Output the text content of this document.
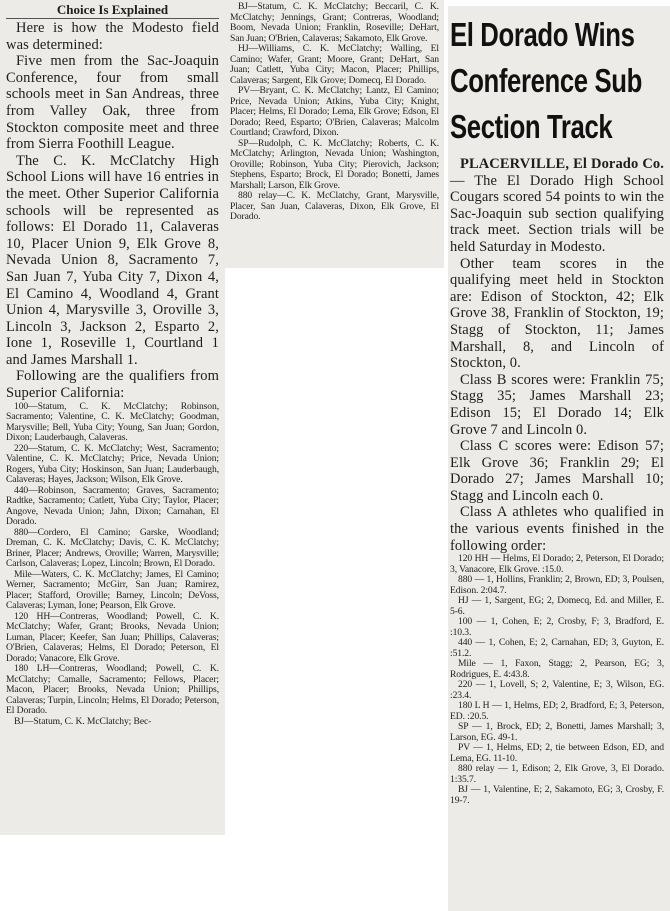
Choice Is Explained

Here is how the Modesto field was determined:

Five men from the Sac-Joaquin Conference, four from small schools meet in San Andreas, three from Valley Oak, three from Stockton composite meet and three from Sierra Foothill League.

The C. K. McClatchy High School Lions will have 16 entries in the meet. Other Superior California schools will be represented as follows: El Dorado 11, Calaveras 10, Placer Union 9, Elk Grove 8, Nevada Union 8, Sacramento 7, San Juan 7, Yuba City 7, Dixon 4, El Camino 4, Woodland 4, Grant Union 4, Marysville 3, Oroville 3, Lincoln 3, Jackson 2, Esparto 2, Ione 1, Roseville 1, Courtland 1 and James Marshall 1.

Following are the qualifiers from Superior California:

100—Statum, C. K. McClatchy; Robinson, Sacramento; Valentine, C. K. McClatchy; Goodman, Marysville; Bell, Yuba City; Young, San Juan; Gordon, Dixon; Lauderbaugh, Calaveras.

220—Statum, C. K. McClatchy; West, Sacramento; Valentine, C. K. McClatchy; Price, Nevada Union; Rogers, Yuba City; Hoskinson, San Juan; Lauderbaugh, Calaveras; Hayes, Jackson; Wilson, Elk Grove.

440—Robinson, Sacramento; Graves, Sacramento; Radtke, Sacramento; Catlett, Yuba City; Taylor, Placer; Angove, Nevada Union; Jahn, Dixon; Carnahan, El Dorado.

880—Cordero, El Camino; Garske, Woodland; Dreman, C. K. McClatchy; Davis, C. K. McClatchy; Briner, Placer; Andrews, Oroville; Warren, Marysville; Carlson, Calaveras; Lopez, Lincoln; Brown, El Dorado.

Mile—Waters, C. K. McClatchy; James, El Camino; Werner, Sacramento; McGirr, San Juan; Ramirez, Placer; Stafford, Oroville; Barney, Lincoln; DeVoss, Calaveras; Lyman, Ione; Pearson, Elk Grove.

120 HH—Contreras, Woodland; Powell, C. K. McClatchy; Wafer, Grant; Brooks, Nevada Union; Luman, Placer; Keefer, San Juan; Phillips, Calaveras; O'Brien, Calaveras; Helms, El Dorado; Peterson, El Dorado; Vanacore, Elk Grove.

180 LH—Contreras, Woodland; Powell, C. K. McClatchy; Camalle, Sacramento; Fellows, Placer; Macon, Placer; Brooks, Nevada Union; Phillips, Calaveras; Turpin, Lincoln; Helms, El Dorado; Peterson, El Dorado.

BJ—Statum, C. K. McClatchy; Bec-

BJ—Statum, C. K. McClatchy; Beccaril, C. K. McClatchy; Jennings, Grant; Contreras, Woodland; Boom, Nevada Union; Franklin, Roseville; DeHart, San Juan; O'Brien, Calaveras; Sakamoto, Elk Grove.

HJ—Williams, C. K. McClatchy; Walling, El Camino; Wafer, Grant; Moore, Grant; DeHart, San Juan; Catlett, Yuba City; Macon, Placer; Phillips, Calaveras; Sargent, Elk Grove; Domecq, El Dorado.

PV—Bryant, C. K. McClatchy; Lantz, El Camino; Price, Nevada Union; Atkins, Yuba City; Knight, Placer; Helms, El Dorado; Lema, Elk Grove; Edson, El Dorado; Reed, Esparto; O'Brien, Calaveras; Malcolm Courtland; Crawford, Dixon.

SP—Rudolph, C. K. McClatchy; Roberts, C. K. McClatchy; Arlington, Nevada Union; Washington, Oroville; Robinson, Yuba City; Pierovich, Jackson; Stephens, Esparto; Brock, El Dorado; Bonetti, James Marshall; Larson, Elk Grove.

880 relay—C. K. McClatchy, Grant, Marysville, Placer, San Juan, Calaveras, Dixon, Elk Grove, El Dorado.

El Dorado Wins
Conference Sub
Section Track

PLACERVILLE, El Dorado Co. — The El Dorado High School Cougars scored 54 points to win the Sac-Joaquin sub section qualifying track meet. Section trials will be held Saturday in Modesto.

Other team scores in the qualifying meet held in Stockton are: Edison of Stockton, 42; Elk Grove 38, Franklin of Stockton, 19; Stagg of Stockton, 11; James Marshall, 8, and Lincoln of Stockton, 0.

Class B scores were: Franklin 75; Stagg 35; James Marshall 23; Edison 15; El Dorado 14; Elk Grove 7 and Lincoln 0.

Class C scores were: Edison 57; Elk Grove 36; Franklin 29; El Dorado 27; James Marshall 10; Stagg and Lincoln each 0.

Class A athletes who qualified in the various events finished in the following order:

120 HH — Helms, El Dorado; 2, Peterson, El Dorado; 3, Vanacore, Elk Grove. :15.0.

880 — 1, Hollins, Franklin; 2, Brown, ED; 3, Poulsen, Edison. 2:04.7.

HJ — 1, Sargent, EG; 2, Domecq, Ed. and Miller, E. 5-6.

100 — 1, Cohen, E; 2, Crosby, F; 3, Bradford, E. :10.3.

440 — 1, Cohen, E; 2, Carnahan, ED; 3, Guyton, E. :51.2.

Mile — 1, Faxon, Stagg; 2, Pearson, EG; 3, Rodrigues, E. 4:43.8.

220 — 1, Lovell, S; 2, Valentine, E; 3, Wilson, EG. :23.4.

180 L H — 1, Helms, ED; 2, Bradford, E; 3, Peterson, ED. :20.5.

SP — 1, Brock, ED; 2, Bonetti, James Marshall; 3, Larson, EG. 49-1.

PV — 1, Helms, ED; 2, tie between Edson, ED, and Lema, EG. 11-10.

880 relay — 1, Edison; 2, Elk Grove, 3, El Dorado. 1:35.7.

BJ — 1, Valentine, E; 2, Sakamoto, EG; 3, Crosby, F. 19-7.
